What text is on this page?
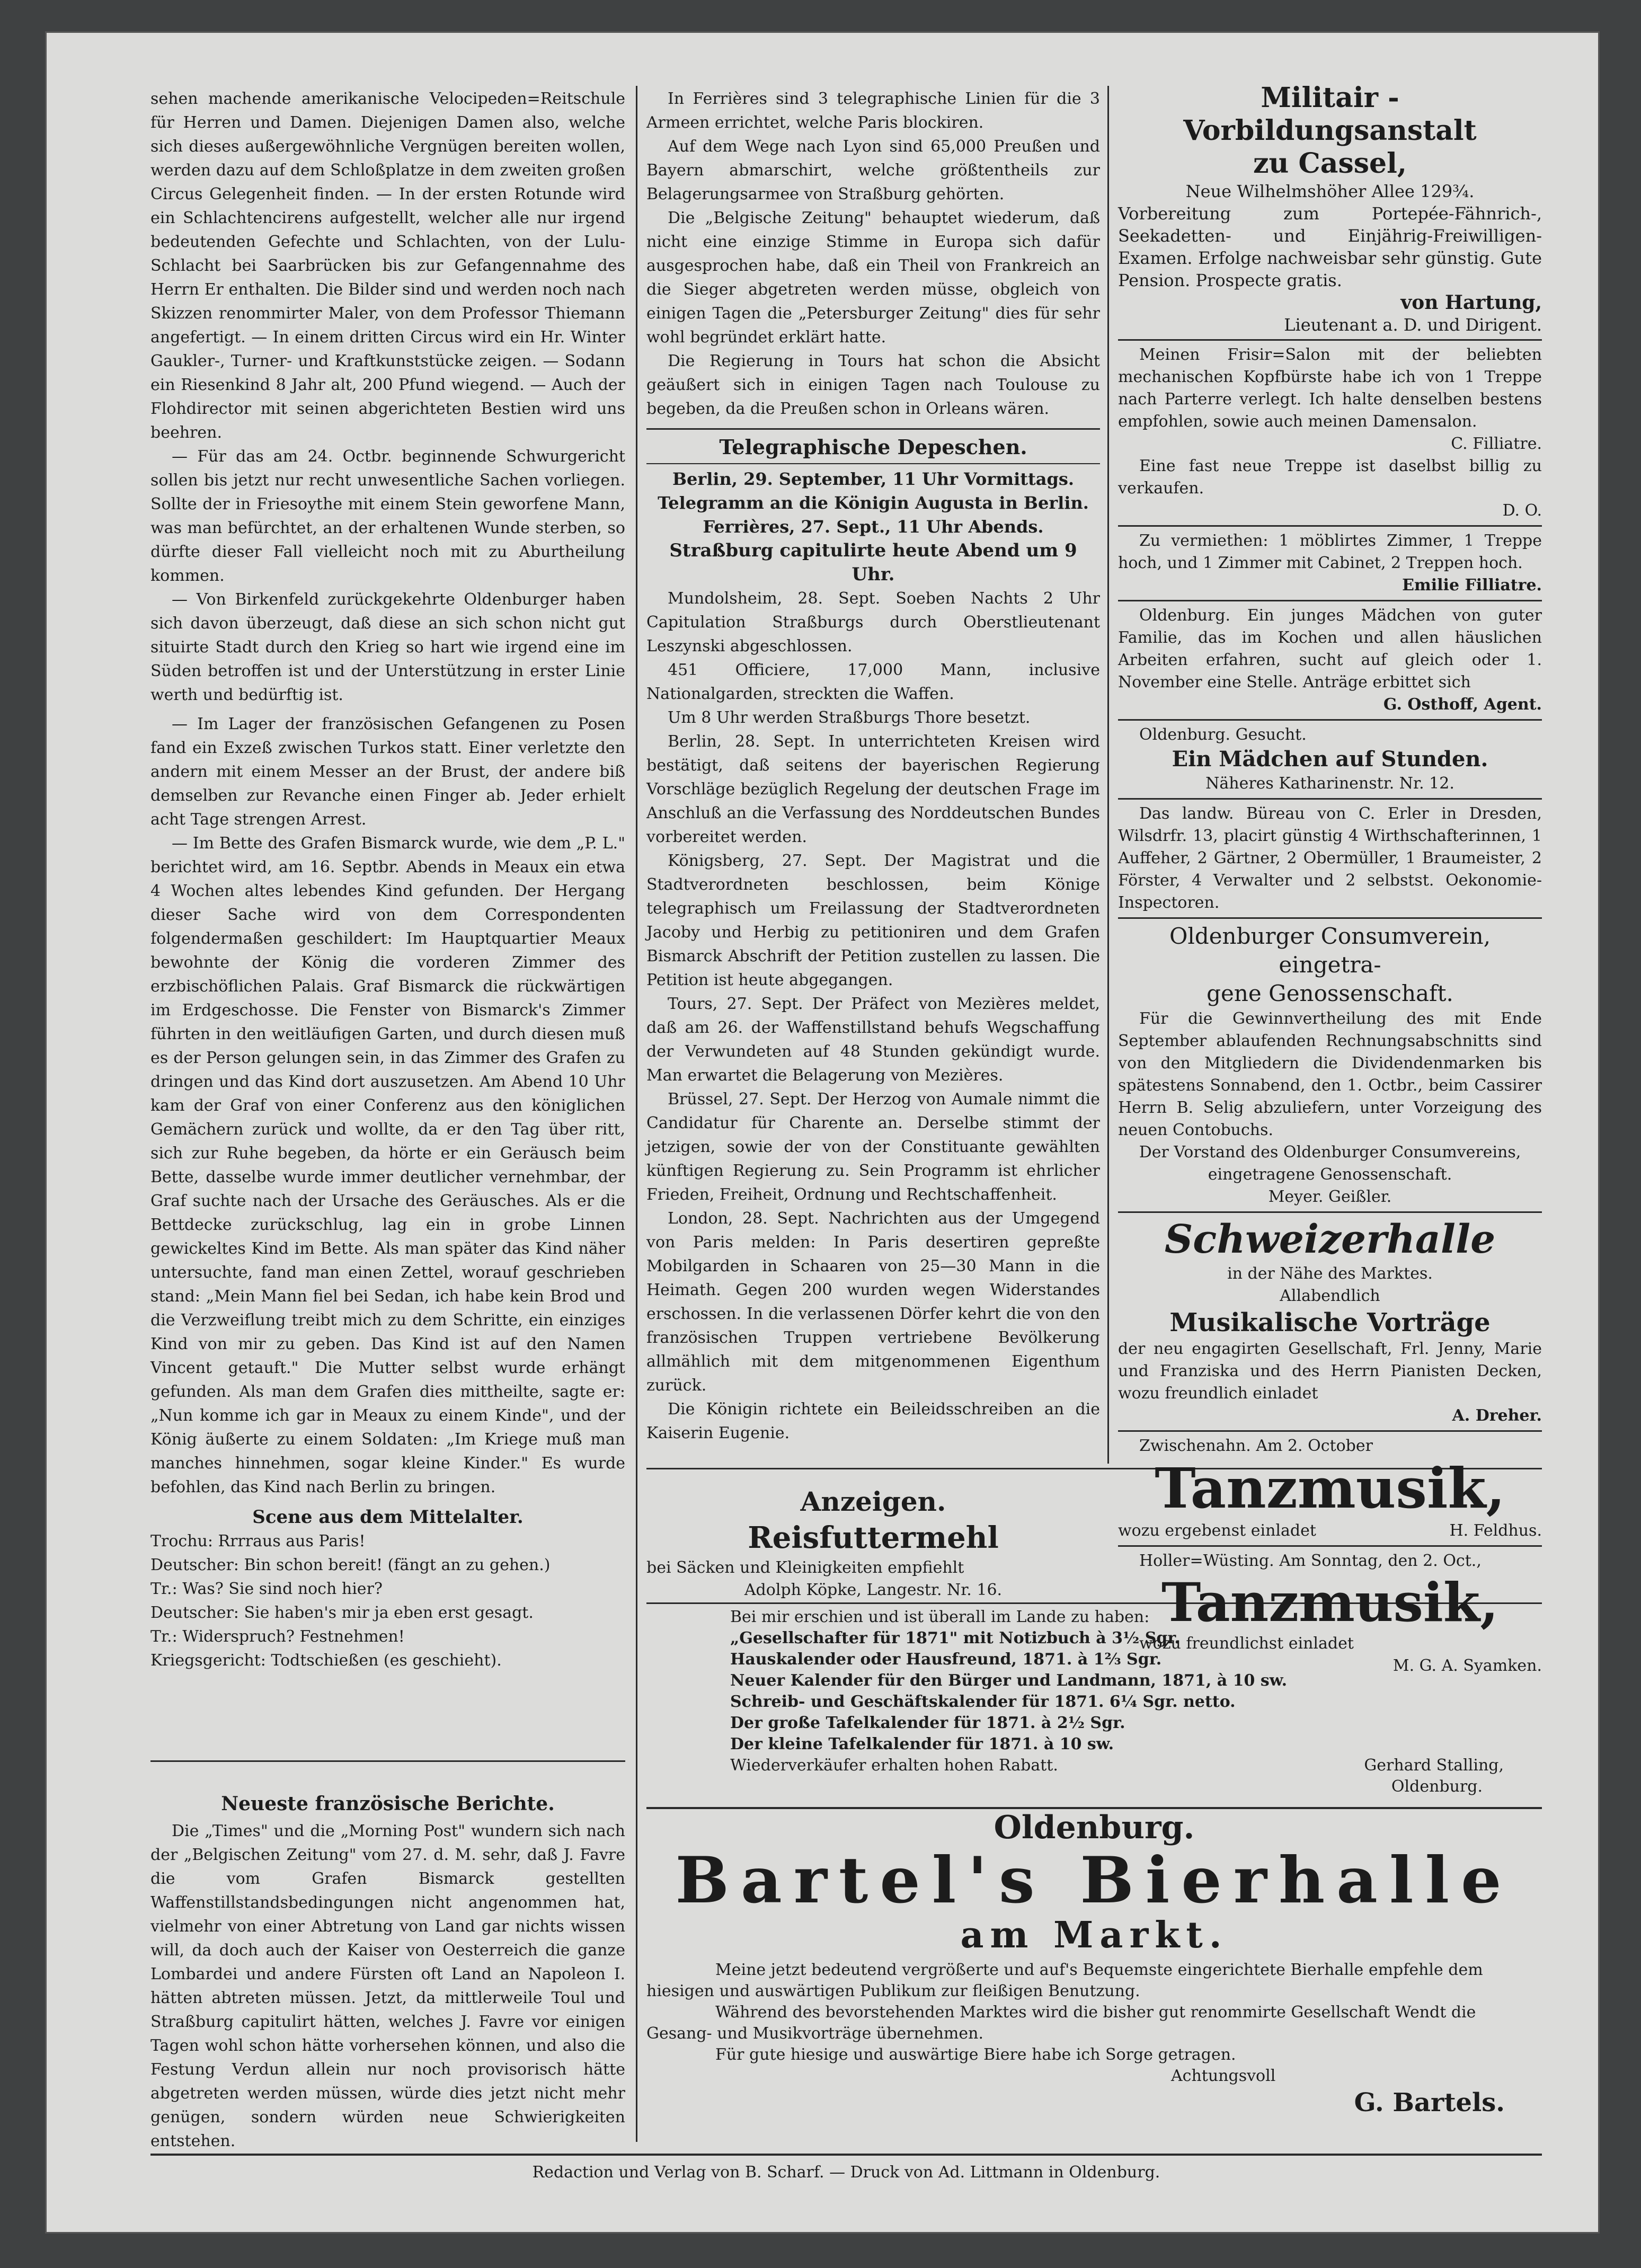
sehen machende amerikanische Velocipeden=Reitschule für Herren und Damen. Diejenigen Damen also, welche sich dieses außergewöhnliche Vergnügen bereiten wollen, werden dazu auf dem Schloßplatze in dem zweiten großen Circus Gelegenheit finden. — In der ersten Rotunde wird ein Schlachtencirens aufgestellt, welcher alle nur irgend bedeutenden Gefechte und Schlachten, von der Lulu-Schlacht bei Saarbrücken bis zur Gefangennahme des Herrn Er enthalten. Die Bilder sind und werden noch nach Skizzen renommirter Maler, von dem Professor Thiemann angefertigt. — In einem dritten Circus wird ein Hr. Winter Gaukler-, Turner- und Kraftkunststücke zeigen. — Sodann ein Riesenkind 8 Jahr alt, 200 Pfund wiegend. — Auch der Flohdirector mit seinen abgerichteten Bestien wird uns beehren.

— Für das am 24. Octbr. beginnende Schwurgericht sollen bis jetzt nur recht unwesentliche Sachen vorliegen. Sollte der in Friesoythe mit einem Stein geworfene Mann, was man befürchtet, an der erhaltenen Wunde sterben, so dürfte dieser Fall vielleicht noch mit zu Aburtheilung kommen.

— Von Birkenfeld zurückgekehrte Oldenburger haben sich davon überzeugt, daß diese an sich schon nicht gut situirte Stadt durch den Krieg so hart wie irgend eine im Süden betroffen ist und der Unterstützung in erster Linie werth und bedürftig ist.

— Im Lager der französischen Gefangenen zu Posen fand ein Exzeß zwischen Turkos statt. Einer verletzte den andern mit einem Messer an der Brust, der andere biß demselben zur Revanche einen Finger ab. Jeder erhielt acht Tage strengen Arrest.

— Im Bette des Grafen Bismarck wurde, wie dem „P. L." berichtet wird, am 16. Septbr. Abends in Meaux ein etwa 4 Wochen altes lebendes Kind gefunden. Der Hergang dieser Sache wird von dem Correspondenten folgendermaßen geschildert: Im Hauptquartier Meaux bewohnte der König die vorderen Zimmer des erzbischöflichen Palais. Graf Bismarck die rückwärtigen im Erdgeschosse. Die Fenster von Bismarck's Zimmer führten in den weitläufigen Garten, und durch diesen muß es der Person gelungen sein, in das Zimmer des Grafen zu dringen und das Kind dort auszusetzen. Am Abend 10 Uhr kam der Graf von einer Conferenz aus den königlichen Gemächern zurück und wollte, da er den Tag über ritt, sich zur Ruhe begeben, da hörte er ein Geräusch beim Bette, dasselbe wurde immer deutlicher vernehmbar, der Graf suchte nach der Ursache des Geräusches. Als er die Bettdecke zurückschlug, lag ein in grobe Linnen gewickeltes Kind im Bette. Als man später das Kind näher untersuchte, fand man einen Zettel, worauf geschrieben stand: „Mein Mann fiel bei Sedan, ich habe kein Brod und die Verzweiflung treibt mich zu dem Schritte, ein einziges Kind von mir zu geben. Das Kind ist auf den Namen Vincent getauft." Die Mutter selbst wurde erhängt gefunden. Als man dem Grafen dies mittheilte, sagte er: „Nun komme ich gar in Meaux zu einem Kinde", und der König äußerte zu einem Soldaten: „Im Kriege muß man manches hinnehmen, sogar kleine Kinder." Es wurde befohlen, das Kind nach Berlin zu bringen.

Scene aus dem Mittelalter.
Trochu: Rrrraus aus Paris!
Deutscher: Bin schon bereit! (fängt an zu gehen.)
Tr.: Was? Sie sind noch hier?
Deutscher: Sie haben's mir ja eben erst gesagt.
Tr.: Widerspruch? Festnehmen!
Kriegsgericht: Todtschießen (es geschieht).
Neueste französische Berichte.

Die „Times" und die „Morning Post" wundern sich nach der „Belgischen Zeitung" vom 27. d. M. sehr, daß J. Favre die vom Grafen Bismarck gestellten Waffenstillstandsbedingungen nicht angenommen hat, vielmehr von einer Abtretung von Land gar nichts wissen will, da doch auch der Kaiser von Oesterreich die ganze Lombardei und andere Fürsten oft Land an Napoleon I. hätten abtreten müssen. Jetzt, da mittlerweile Toul und Straßburg capitulirt hätten, welches J. Favre vor einigen Tagen wohl schon hätte vorhersehen können, und also die Festung Verdun allein nur noch provisorisch hätte abgetreten werden müssen, würde dies jetzt nicht mehr genügen, sondern würden neue Schwierigkeiten entstehen.

In Ferrières sind 3 telegraphische Linien für die 3 Armeen errichtet, welche Paris blockiren.

Auf dem Wege nach Lyon sind 65,000 Preußen und Bayern abmarschirt, welche größtentheils zur Belagerungsarmee von Straßburg gehörten.

Die „Belgische Zeitung" behauptet wiederum, daß nicht eine einzige Stimme in Europa sich dafür ausgesprochen habe, daß ein Theil von Frankreich an die Sieger abgetreten werden müsse, obgleich von einigen Tagen die „Petersburger Zeitung" dies für sehr wohl begründet erklärt hatte.

Die Regierung in Tours hat schon die Absicht geäußert sich in einigen Tagen nach Toulouse zu begeben, da die Preußen schon in Orleans wären.

Telegraphische Depeschen.
Berlin, 29. September, 11 Uhr Vormittags.
Telegramm an die Königin Augusta in Berlin.
Ferrières, 27. Sept., 11 Uhr Abends.
Straßburg capitulirte heute Abend um 9 Uhr.

Mundolsheim, 28. Sept. Soeben Nachts 2 Uhr Capitulation Straßburgs durch Oberstlieutenant Leszynski abgeschlossen.

451 Officiere, 17,000 Mann, inclusive Nationalgarden, streckten die Waffen.

Um 8 Uhr werden Straßburgs Thore besetzt.

Berlin, 28. Sept. In unterrichteten Kreisen wird bestätigt, daß seitens der bayerischen Regierung Vorschläge bezüglich Regelung der deutschen Frage im Anschluß an die Verfassung des Norddeutschen Bundes vorbereitet werden.

Königsberg, 27. Sept. Der Magistrat und die Stadtverordneten beschlossen, beim Könige telegraphisch um Freilassung der Stadtverordneten Jacoby und Herbig zu petitioniren und dem Grafen Bismarck Abschrift der Petition zustellen zu lassen. Die Petition ist heute abgegangen.

Tours, 27. Sept. Der Präfect von Mezières meldet, daß am 26. der Waffenstillstand behufs Wegschaffung der Verwundeten auf 48 Stunden gekündigt wurde. Man erwartet die Belagerung von Mezières.

Brüssel, 27. Sept. Der Herzog von Aumale nimmt die Candidatur für Charente an. Derselbe stimmt der jetzigen, sowie der von der Constituante gewählten künftigen Regierung zu. Sein Programm ist ehrlicher Frieden, Freiheit, Ordnung und Rechtschaffenheit.

London, 28. Sept. Nachrichten aus der Umgegend von Paris melden: In Paris desertiren gepreßte Mobilgarden in Schaaren von 25—30 Mann in die Heimath. Gegen 200 wurden wegen Widerstandes erschossen. In die verlassenen Dörfer kehrt die von den französischen Truppen vertriebene Bevölkerung allmählich mit dem mitgenommenen Eigenthum zurück.

Die Königin richtete ein Beileidsschreiben an die Kaiserin Eugenie.

Anzeigen.
Reisfuttermehl
bei Säcken und Kleinigkeiten empfiehlt
Adolph Köpke, Langestr. Nr. 16.
Bei mir erschien und ist überall im Lande zu haben:
„Gesellschafter für 1871" mit Notizbuch à 3½ Sgr.
Hauskalender oder Hausfreund, 1871. à 1⅔ Sgr.
Neuer Kalender für den Bürger und Landmann, 1871, à 10 sw.
Schreib- und Geschäftskalender für 1871. 6¼ Sgr. netto.
Der große Tafelkalender für 1871. à 2½ Sgr.
Der kleine Tafelkalender für 1871. à 10 sw.
Wiederverkäufer erhalten hohen Rabatt.	Gerhard Stalling,
Oldenburg.
Oldenburg.
Bartel's Bierhalle
am Markt.
Meine jetzt bedeutend vergrößerte und auf's Bequemste eingerichtete Bierhalle empfehle dem hiesigen und auswärtigen Publikum zur fleißigen Benutzung.
Während des bevorstehenden Marktes wird die bisher gut renommirte Gesellschaft Wendt die Gesang- und Musikvorträge übernehmen.
Für gute hiesige und auswärtige Biere habe ich Sorge getragen.
Achtungsvoll
G. Bartels.
Militair - Vorbildungsanstalt
zu Cassel,
Neue Wilhelmshöher Allee 129¾.
Vorbereitung zum Portepée-Fähnrich-, Seekadetten- und Einjährig-Freiwilligen-Examen. Erfolge nachweisbar sehr günstig. Gute Pension. Prospecte gratis.
von Hartung,
Lieutenant a. D. und Dirigent.
Meinen Frisir=Salon mit der beliebten mechanischen Kopfbürste habe ich von 1 Treppe nach Parterre verlegt. Ich halte denselben bestens empfohlen, sowie auch meinen Damensalon.
C. Filliatre.
Eine fast neue Treppe ist daselbst billig zu verkaufen.
D. O.
Zu vermiethen: 1 möblirtes Zimmer, 1 Treppe hoch, und 1 Zimmer mit Cabinet, 2 Treppen hoch.
Emilie Filliatre.
Oldenburg. Ein junges Mädchen von guter Familie, das im Kochen und allen häuslichen Arbeiten erfahren, sucht auf gleich oder 1. November eine Stelle. Anträge erbittet sich
G. Osthoff, Agent.
Oldenburg. Gesucht.
Ein Mädchen auf Stunden.
Näheres Katharinenstr. Nr. 12.
Das landw. Büreau von C. Erler in Dresden, Wilsdrfr. 13, placirt günstig 4 Wirthschafterinnen, 1 Auffeher, 2 Gärtner, 2 Obermüller, 1 Braumeister, 2 Förster, 4 Verwalter und 2 selbstst. Oekonomie-Inspectoren.
Oldenburger Consumverein, eingetra-
gene Genossenschaft.
Für die Gewinnvertheilung des mit Ende September ablaufenden Rechnungsabschnitts sind von den Mitgliedern die Dividendenmarken bis spätestens Sonnabend, den 1. Octbr., beim Cassirer Herrn B. Selig abzuliefern, unter Vorzeigung des neuen Contobuchs.
Der Vorstand des Oldenburger Consumvereins,
eingetragene Genossenschaft.
Meyer. Geißler.
Schweizerhalle
in der Nähe des Marktes.
Allabendlich
Musikalische Vorträge
der neu engagirten Gesellschaft, Frl. Jenny, Marie und Franziska und des Herrn Pianisten Decken, wozu freundlich einladet
A. Dreher.
Zwischenahn. Am 2. October
Tanzmusik,
wozu ergebenst einladet	H. Feldhus.
Holler=Wüsting. Am Sonntag, den 2. Oct.,
Tanzmusik,
wozu freundlichst einladet
M. G. A. Syamken.
Redaction und Verlag von B. Scharf. — Druck von Ad. Littmann in Oldenburg.
